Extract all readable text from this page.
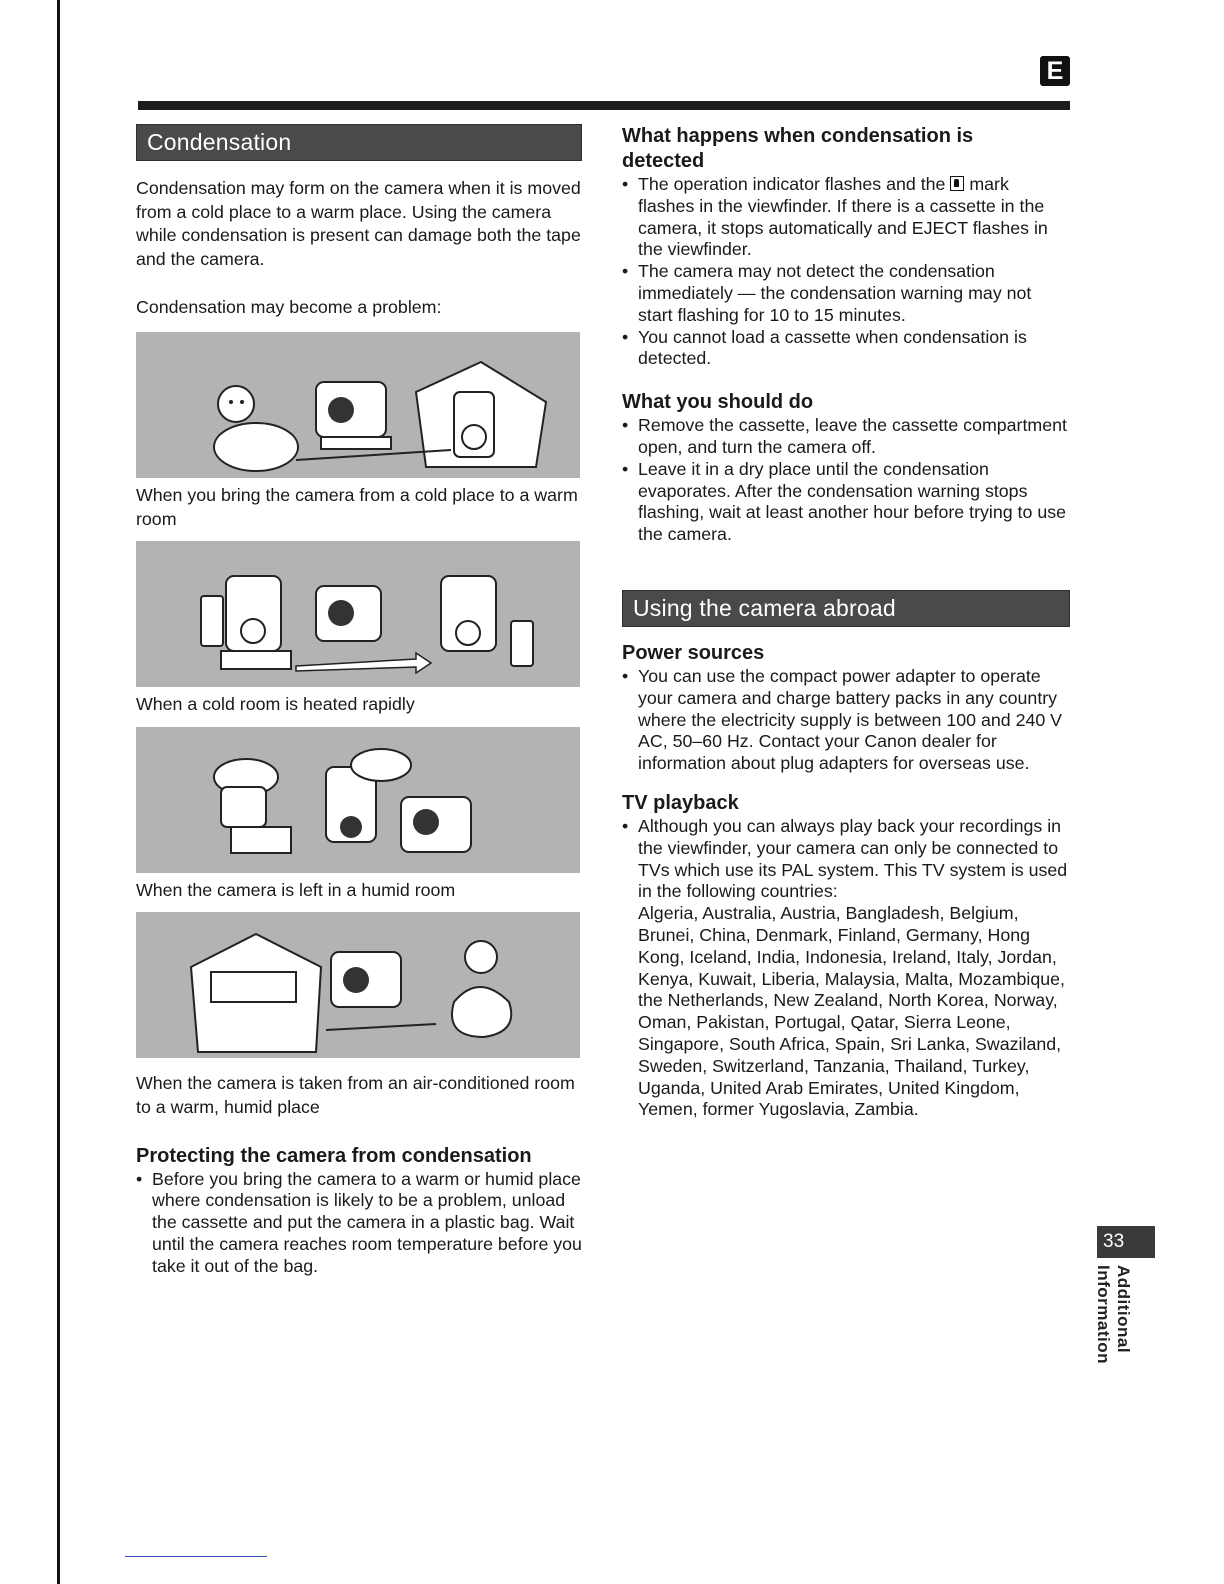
E
Condensation

Condensation may form on the camera when it is moved from a cold place to a warm place. Using the camera while condensation is present can damage both the tape and the camera.

Condensation may become a problem:

When you bring the camera from a cold place to a warm room

When a cold room is heated rapidly

When the camera is left in a humid room

When the camera is taken from an air-conditioned room to a warm, humid place

Protecting the camera from condensation
• Before you bring the camera to a warm or humid place where condensation is likely to be a problem, unload the cassette and put the camera in a plastic bag. Wait until the camera reaches room temperature before you take it out of the bag.
What happens when condensation is detected
• The operation indicator flashes and the mark flashes in the viewfinder. If there is a cassette in the camera, it stops automatically and EJECT flashes in the viewfinder.
• The camera may not detect the condensation immediately — the condensation warning may not start flashing for 10 to 15 minutes.
• You cannot load a cassette when condensation is detected.
What you should do
• Remove the cassette, leave the cassette compartment open, and turn the camera off.
• Leave it in a dry place until the condensation evaporates. After the condensation warning stops flashing, wait at least another hour before trying to use the camera.
Using the camera abroad
Power sources
• You can use the compact power adapter to operate your camera and charge battery packs in any country where the electricity supply is between 100 and 240 V AC, 50–60 Hz. Contact your Canon dealer for information about plug adapters for overseas use.
TV playback
• Although you can always play back your recordings in the viewfinder, your camera can only be connected to TVs which use its PAL system. This TV system is used in the following countries:
Algeria, Australia, Austria, Bangladesh, Belgium, Brunei, China, Denmark, Finland, Germany, Hong Kong, Iceland, India, Indonesia, Ireland, Italy, Jordan, Kenya, Kuwait, Liberia, Malaysia, Malta, Mozambique, the Netherlands, New Zealand, North Korea, Norway, Oman, Pakistan, Portugal, Qatar, Sierra Leone, Singapore, South Africa, Spain, Sri Lanka, Swaziland, Sweden, Switzerland, Tanzania, Thailand, Turkey, Uganda, United Arab Emirates, United Kingdom, Yemen, former Yugoslavia, Zambia.
33
Additional Information
